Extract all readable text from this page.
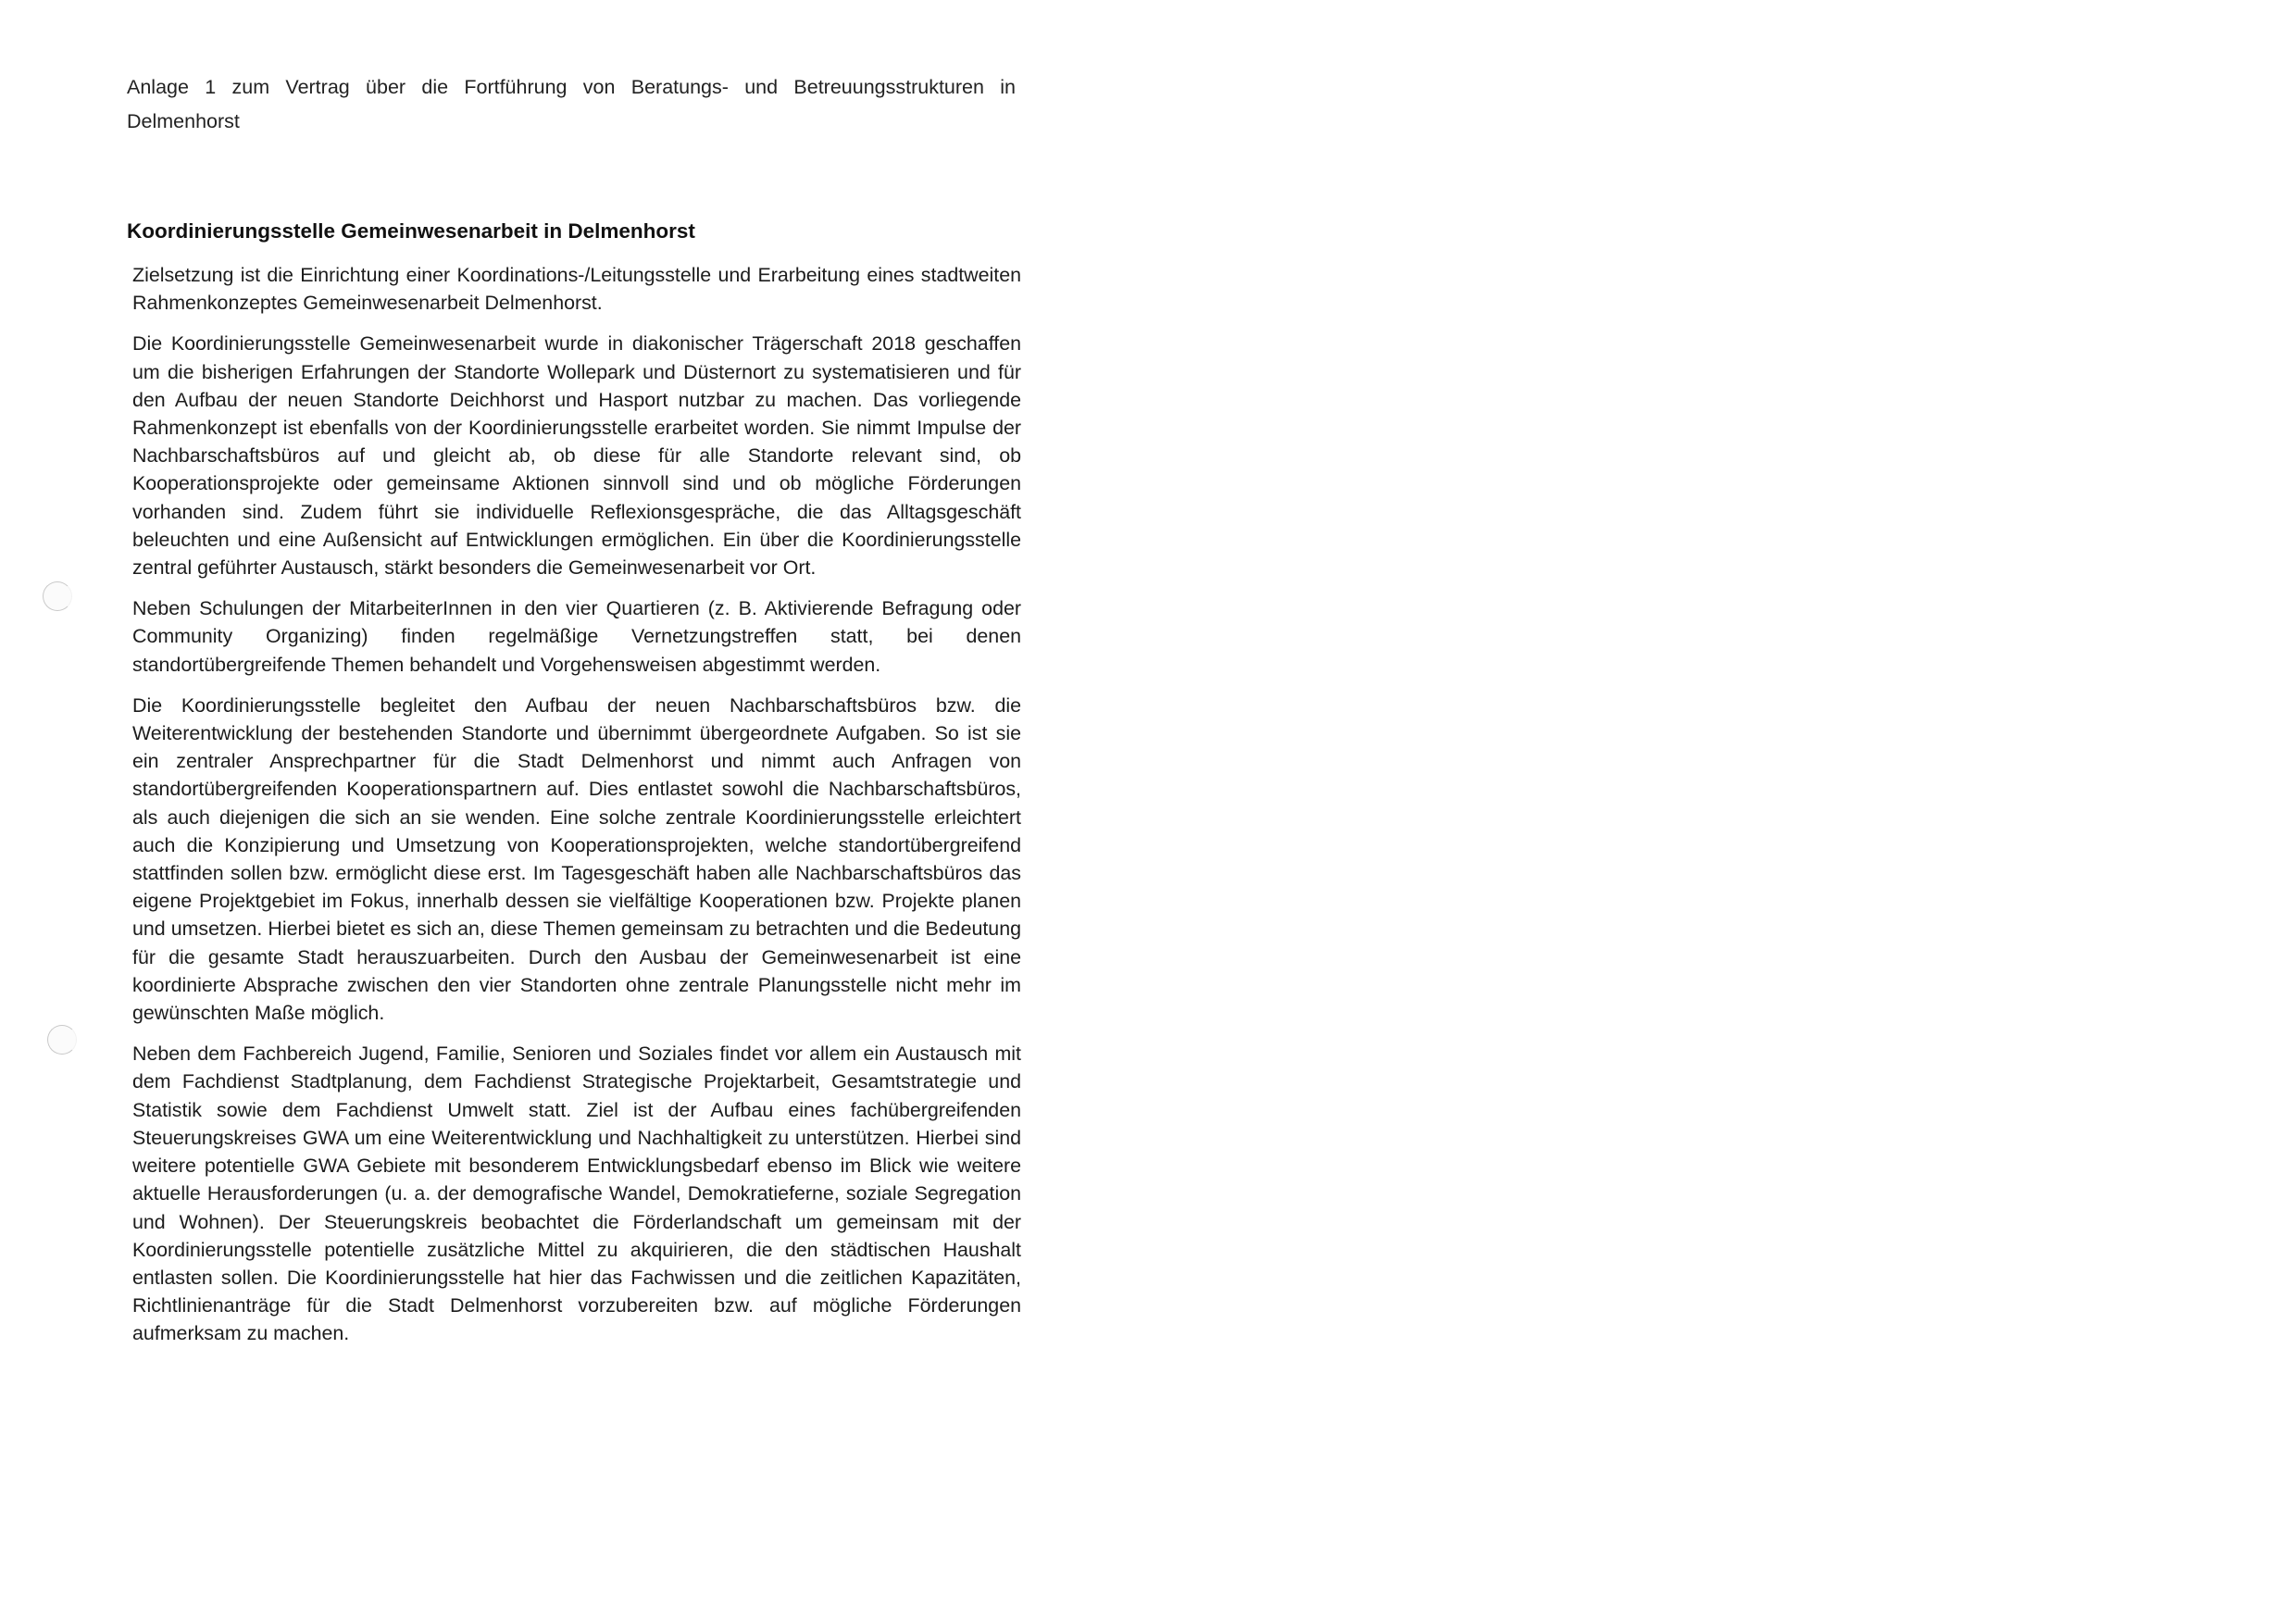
Anlage 1 zum Vertrag über die Fortführung von Beratungs- und Betreuungsstrukturen in Delmenhorst
Koordinierungsstelle Gemeinwesenarbeit in Delmenhorst

Zielsetzung ist die Einrichtung einer Koordinations-/Leitungsstelle und Erarbeitung eines stadtweiten Rahmenkonzeptes Gemeinwesenarbeit Delmenhorst.

Die Koordinierungsstelle Gemeinwesenarbeit wurde in diakonischer Trägerschaft 2018 geschaffen um die bisherigen Erfahrungen der Standorte Wollepark und Düsternort zu systematisieren und für den Aufbau der neuen Standorte Deichhorst und Hasport nutzbar zu machen. Das vorliegende Rahmenkonzept ist ebenfalls von der Koordinierungsstelle erarbeitet worden. Sie nimmt Impulse der Nachbarschaftsbüros auf und gleicht ab, ob diese für alle Standorte relevant sind, ob Kooperationsprojekte oder gemeinsame Aktionen sinnvoll sind und ob mögliche Förderungen vorhanden sind. Zudem führt sie individuelle Reflexionsgespräche, die das Alltagsgeschäft beleuchten und eine Außensicht auf Entwicklungen ermöglichen. Ein über die Koordinierungsstelle zentral geführter Austausch, stärkt besonders die Gemeinwesenarbeit vor Ort.

Neben Schulungen der MitarbeiterInnen in den vier Quartieren (z. B. Aktivierende Befragung oder Community Organizing) finden regelmäßige Vernetzungstreffen statt, bei denen standortübergreifende Themen behandelt und Vorgehensweisen abgestimmt werden.

Die Koordinierungsstelle begleitet den Aufbau der neuen Nachbarschaftsbüros bzw. die Weiterentwicklung der bestehenden Standorte und übernimmt übergeordnete Aufgaben. So ist sie ein zentraler Ansprechpartner für die Stadt Delmenhorst und nimmt auch Anfragen von standortübergreifenden Kooperationspartnern auf. Dies entlastet sowohl die Nachbarschaftsbüros, als auch diejenigen die sich an sie wenden. Eine solche zentrale Koordinierungsstelle erleichtert auch die Konzipierung und Umsetzung von Kooperationsprojekten, welche standortübergreifend stattfinden sollen bzw. ermöglicht diese erst. Im Tagesgeschäft haben alle Nachbarschaftsbüros das eigene Projektgebiet im Fokus, innerhalb dessen sie vielfältige Kooperationen bzw. Projekte planen und umsetzen. Hierbei bietet es sich an, diese Themen gemeinsam zu betrachten und die Bedeutung für die gesamte Stadt herauszuarbeiten. Durch den Ausbau der Gemeinwesenarbeit ist eine koordinierte Absprache zwischen den vier Standorten ohne zentrale Planungsstelle nicht mehr im gewünschten Maße möglich.

Neben dem Fachbereich Jugend, Familie, Senioren und Soziales findet vor allem ein Austausch mit dem Fachdienst Stadtplanung, dem Fachdienst Strategische Projektarbeit, Gesamtstrategie und Statistik sowie dem Fachdienst Umwelt statt. Ziel ist der Aufbau eines fachübergreifenden Steuerungskreises GWA um eine Weiterentwicklung und Nachhaltigkeit zu unterstützen. Hierbei sind weitere potentielle GWA Gebiete mit besonderem Entwicklungsbedarf ebenso im Blick wie weitere aktuelle Herausforderungen (u. a. der demografische Wandel, Demokratieferne, soziale Segregation und Wohnen). Der Steuerungskreis beobachtet die Förderlandschaft um gemeinsam mit der Koordinierungsstelle potentielle zusätzliche Mittel zu akquirieren, die den städtischen Haushalt entlasten sollen. Die Koordinierungsstelle hat hier das Fachwissen und die zeitlichen Kapazitäten, Richtlinienanträge für die Stadt Delmenhorst vorzubereiten bzw. auf mögliche Förderungen aufmerksam zu machen.
